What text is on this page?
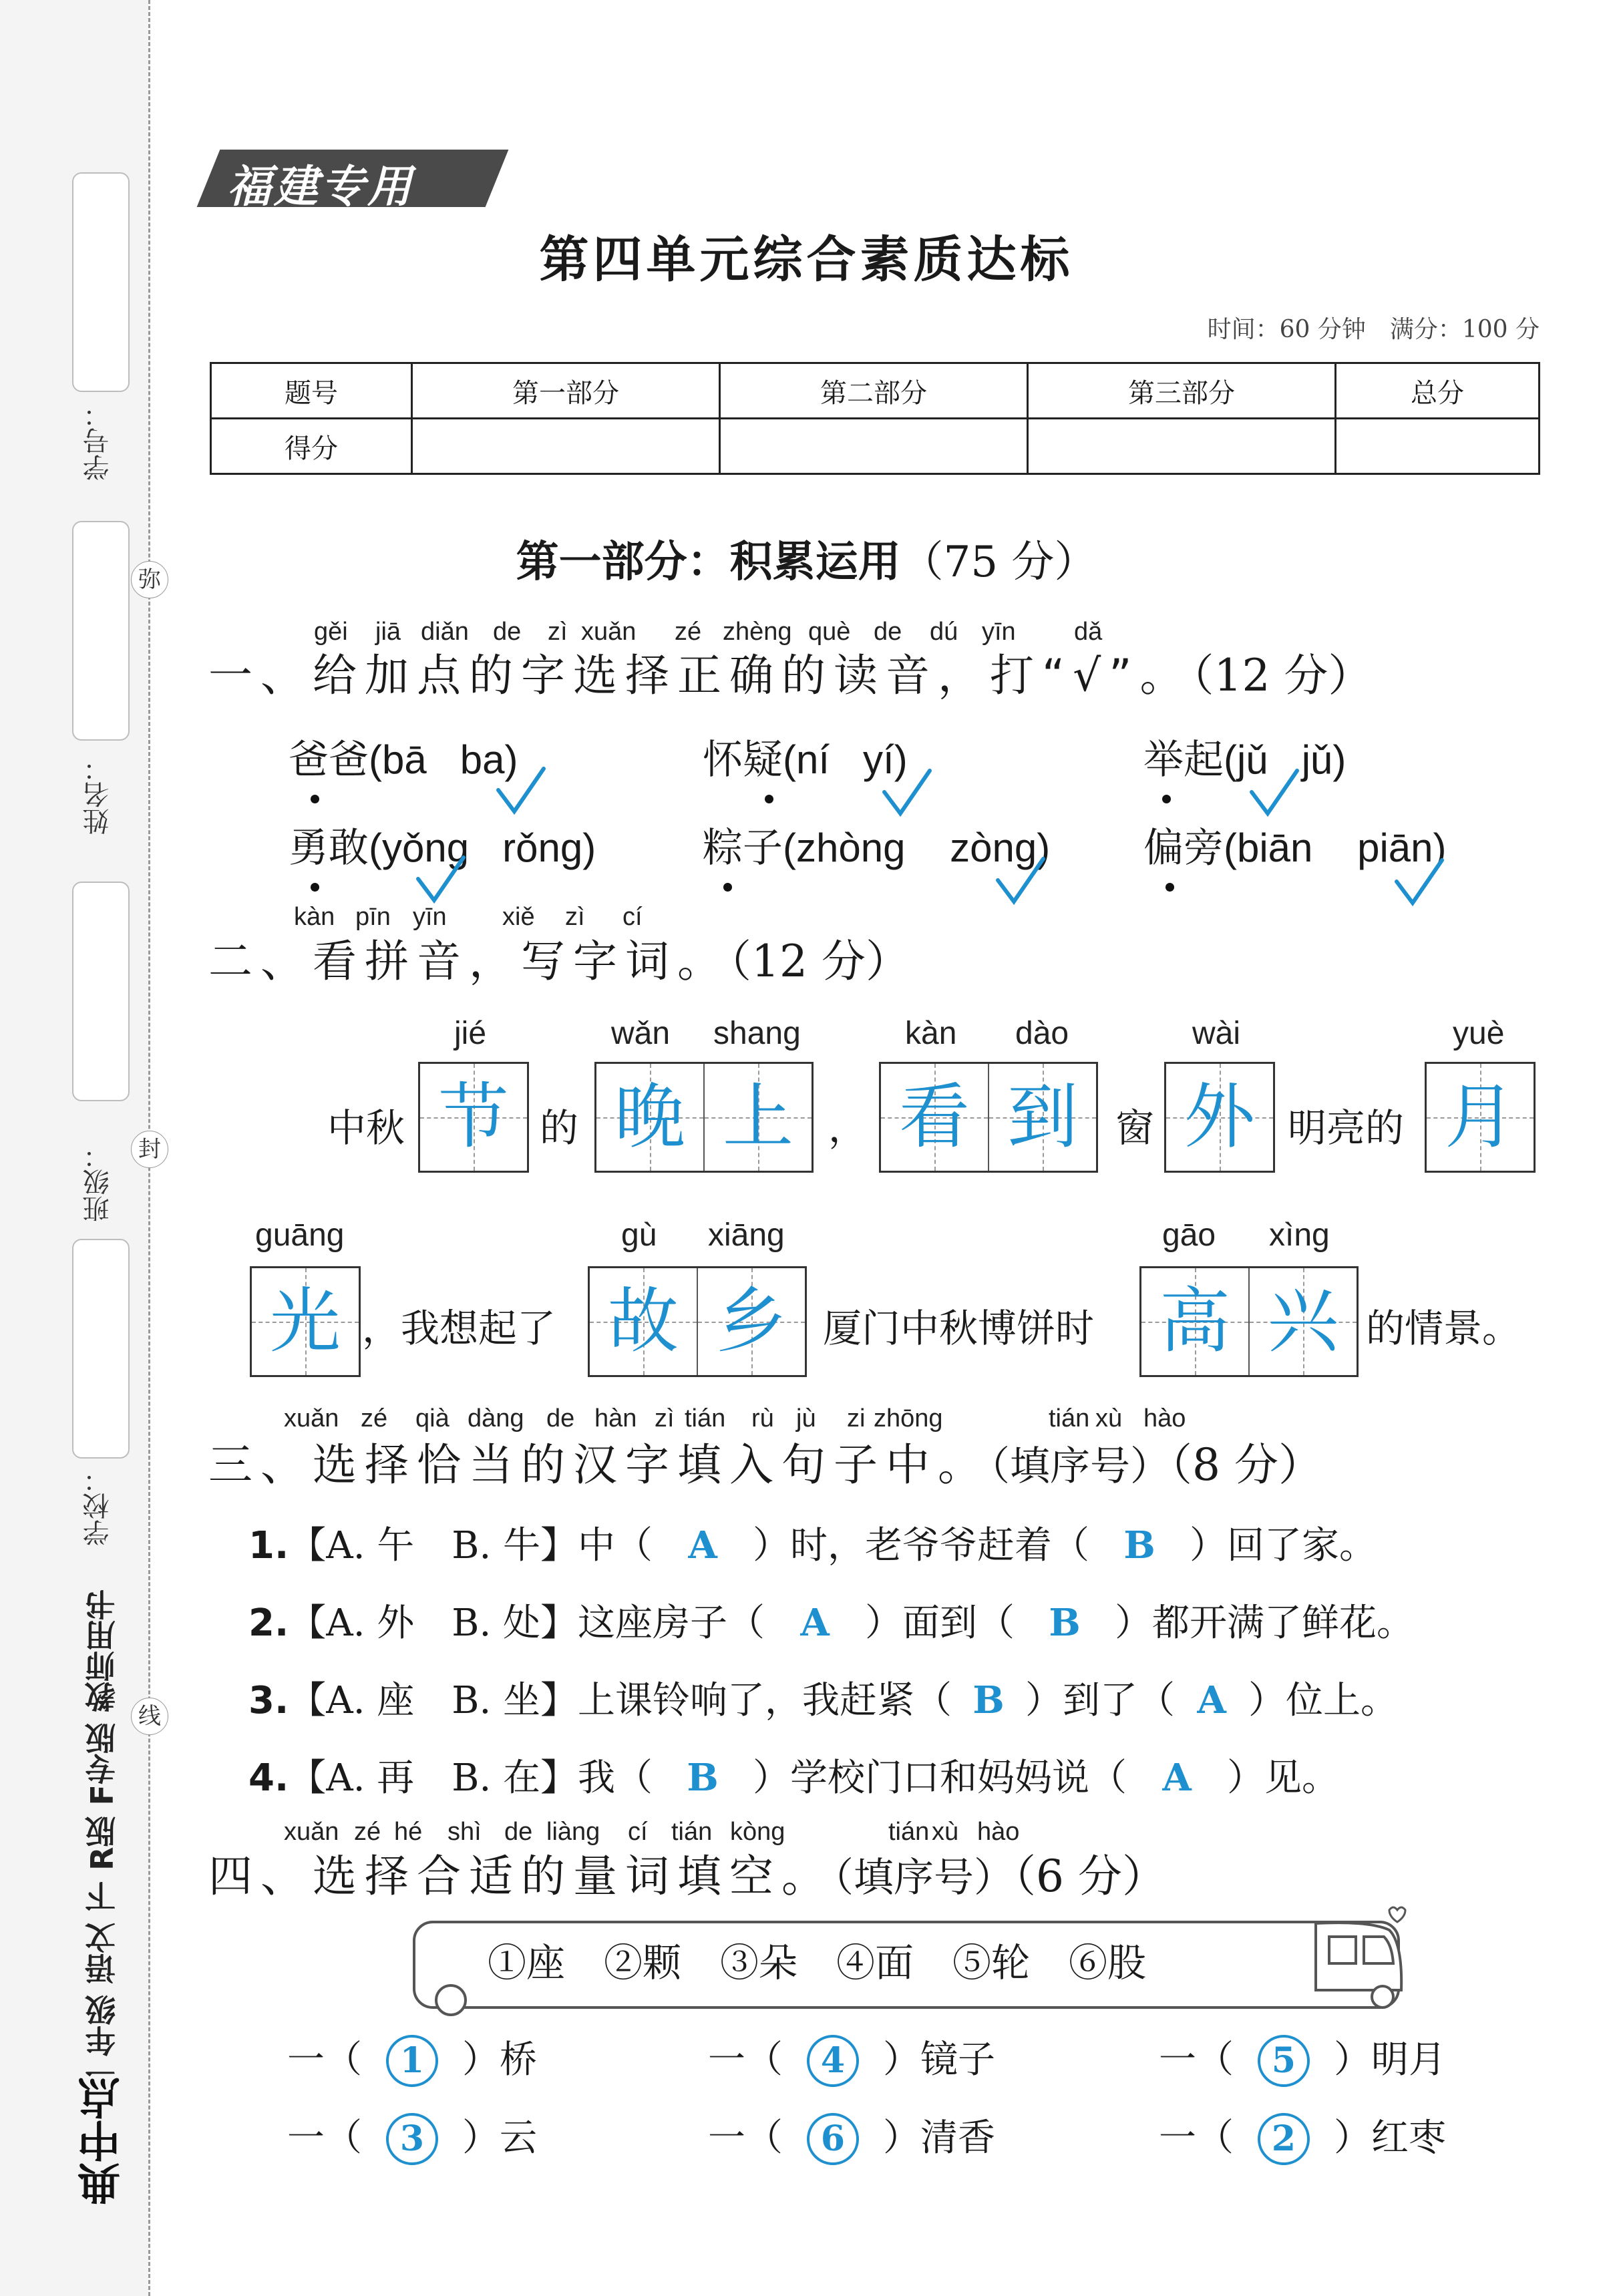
学号：
姓名：
班级：
学校：
弥
封
线
一年级 语文 下 R版 F专版 教师用书
典中点
福建专用
第四单元综合素质达标
时间：60 分钟　满分：100 分
题号	第一部分	第二部分	第三部分	总分
得分				
第一部分：积累运用（75 分）
gěi jiā diǎn de zì xuǎn zé zhèng què de dú yīn dǎ
一、给加点的字选择正确的读音，打“√”。（12 分）
爸爸(bā ba)	怀疑(ní yí)	举起(jǔ jǔ)
勇敢(yǒng rǒng)	粽子(zhòng zòng) 偏旁(biān piān)
kàn pīn yīn xiě zì cí
二、看拼音，写字词。（12 分）
jié	wǎn shang	kàn dào	wài	yuè
中秋 节 的 晚 上 ， 看 到 窗 外 明亮的 月
guāng	gù xiāng	gāo xìng
光 ，我想起了 故 乡 厦门中秋博饼时 高 兴 的情景。
xuǎn zé qià dàng de hàn zì tián rù jù zi zhōng	tián xù hào
三、选择恰当的汉字填入句子中。（填序号）（8 分）
1.【A. 午　B. 牛】中（ A ）时，老爷爷赶着（ B ）回了家。
2.【A. 外　B. 处】这座房子（ A ）面到（ B ）都开满了鲜花。
3.【A. 座　B. 坐】上课铃响了，我赶紧（ B ）到了（ A ）位上。
4.【A. 再　B. 在】我（ B ）学校门口和妈妈说（ A ）见。
xuǎn zé hé shì de liàng cí tián kòng	tián xù hào
四、选择合适的量词填空。（填序号）（6 分）
①座　②颗　③朵　④面　⑤轮　⑥股
一（ 1 ）桥	一（ 4 ）镜子	一（ 5 ）明月
一（ 3 ）云	一（ 6 ）清香	一（ 2 ）红枣
